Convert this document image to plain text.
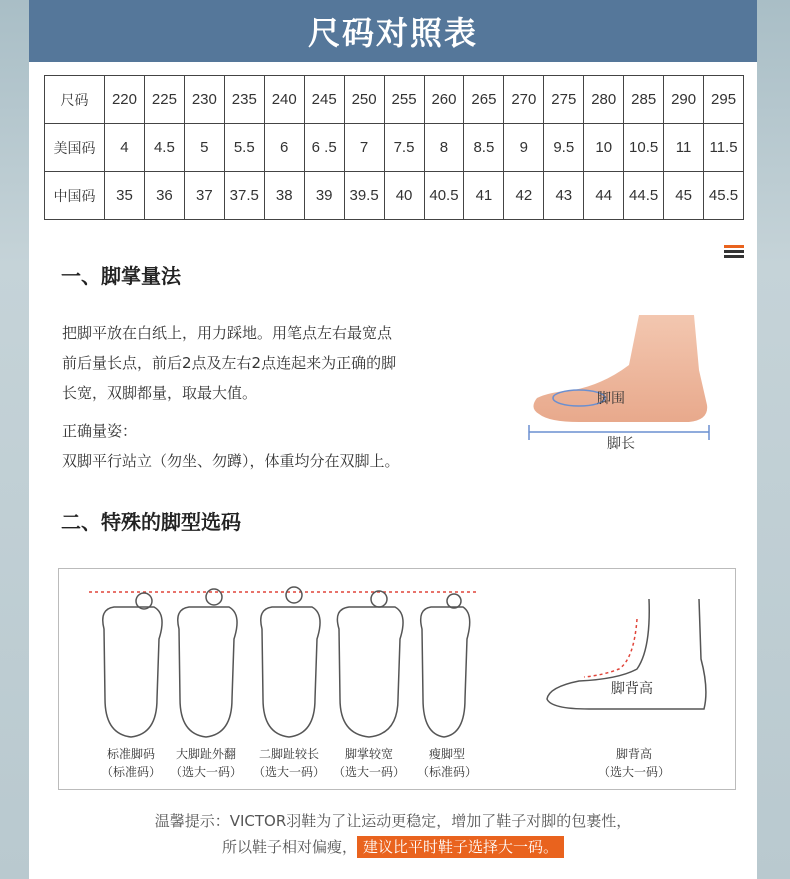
尺码对照表
尺码	220	225	230	235	240	245	250	255	260	265	270	275	280	285	290	295
美国码	4	4.5	5	5.5	6	6 .5	7	7.5	8	8.5	9	9.5	10	10.5	11	11.5
中国码	35	36	37	37.5	38	39	39.5	40	40.5	41	42	43	44	44.5	45	45.5
一、脚掌量法
把脚平放在白纸上，用力踩地。用笔点左右最宽点
前后量长点，前后2点及左右2点连起来为正确的脚
长宽，双脚都量，取最大值。
正确量姿：
双脚平行站立（勿坐、勿蹲），体重均分在双脚上。
脚围
脚长
二、特殊的脚型选码
脚背高
标准脚码
（标准码）
大脚趾外翻
（选大一码）
二脚趾较长
（选大一码）
脚掌较宽
（选大一码）
瘦脚型
（标准码）
脚背高
（选大一码）
温馨提示：VICTOR羽鞋为了让运动更稳定，增加了鞋子对脚的包裹性，
所以鞋子相对偏瘦， 建议比平时鞋子选择大一码。
